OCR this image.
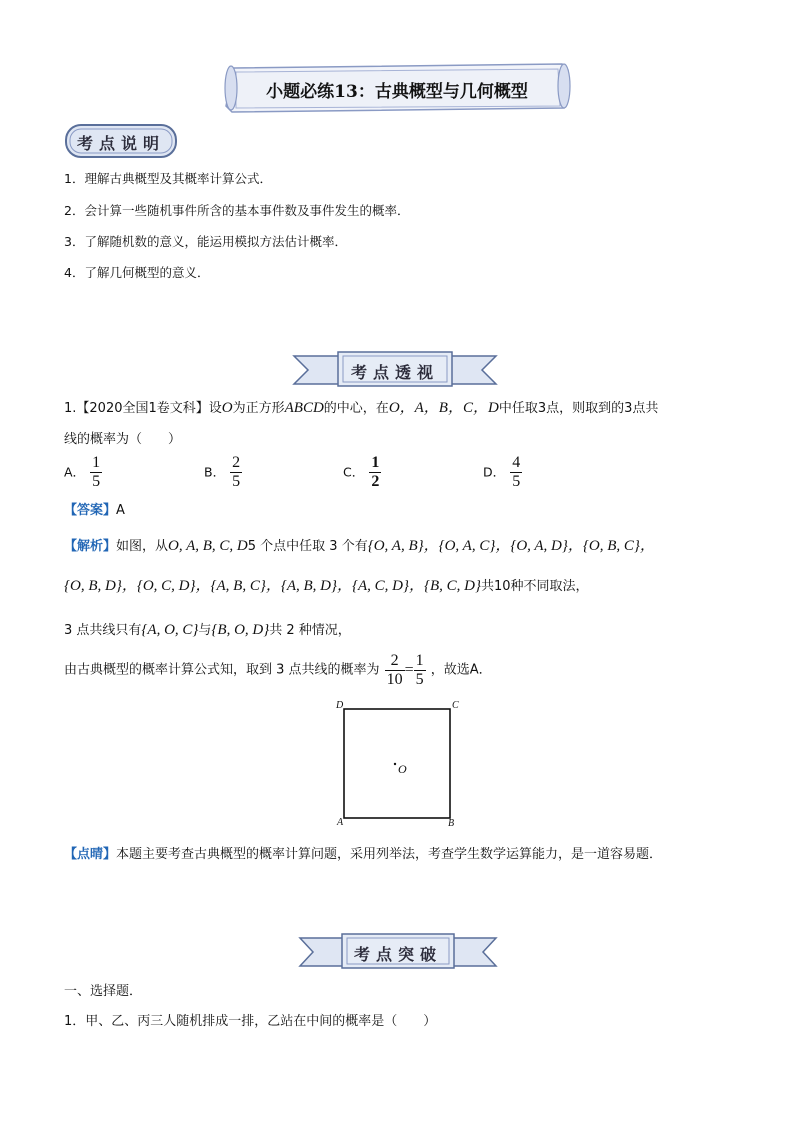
小题必练13：古典概型与几何概型
考点说明
1．理解古典概型及其概率计算公式．
2．会计算一些随机事件所含的基本事件数及事件发生的概率．
3．了解随机数的意义，能运用模拟方法估计概率．
4．了解几何概型的意义．
考点透视
1.【2020全国1卷文科】设O为正方形ABCD的中心，在O，A，B，C，D中任取3点，则取到的3点共
线的概率为（　　）
A． $\frac{1}{5}$	B． $\frac{2}{5}$	C． $\frac{1}{2}$	D． $\frac{4}{5}$
【答案】A
【解析】如图，从O, A, B, C, D5 个点中任取 3 个有{O, A, B}，{O, A, C}，{O, A, D}，{O, B, C}，
{O, B, D}，{O, C, D}，{A, B, C}，{A, B, D}，{A, C, D}，{B, C, D}共10种不同取法，
3 点共线只有{A, O, C}与{B, O, D}共 2 种情况，
由古典概型的概率计算公式知，取到 3 点共线的概率为 $\frac{2}{10} = \frac{1}{5}$ ，故选A．
D	C
A	B
O
【点晴】本题主要考查古典概型的概率计算问题，采用列举法，考查学生数学运算能力，是一道容易题．
考点突破
一、选择题．
1．甲、乙、丙三人随机排成一排，乙站在中间的概率是（　　）
